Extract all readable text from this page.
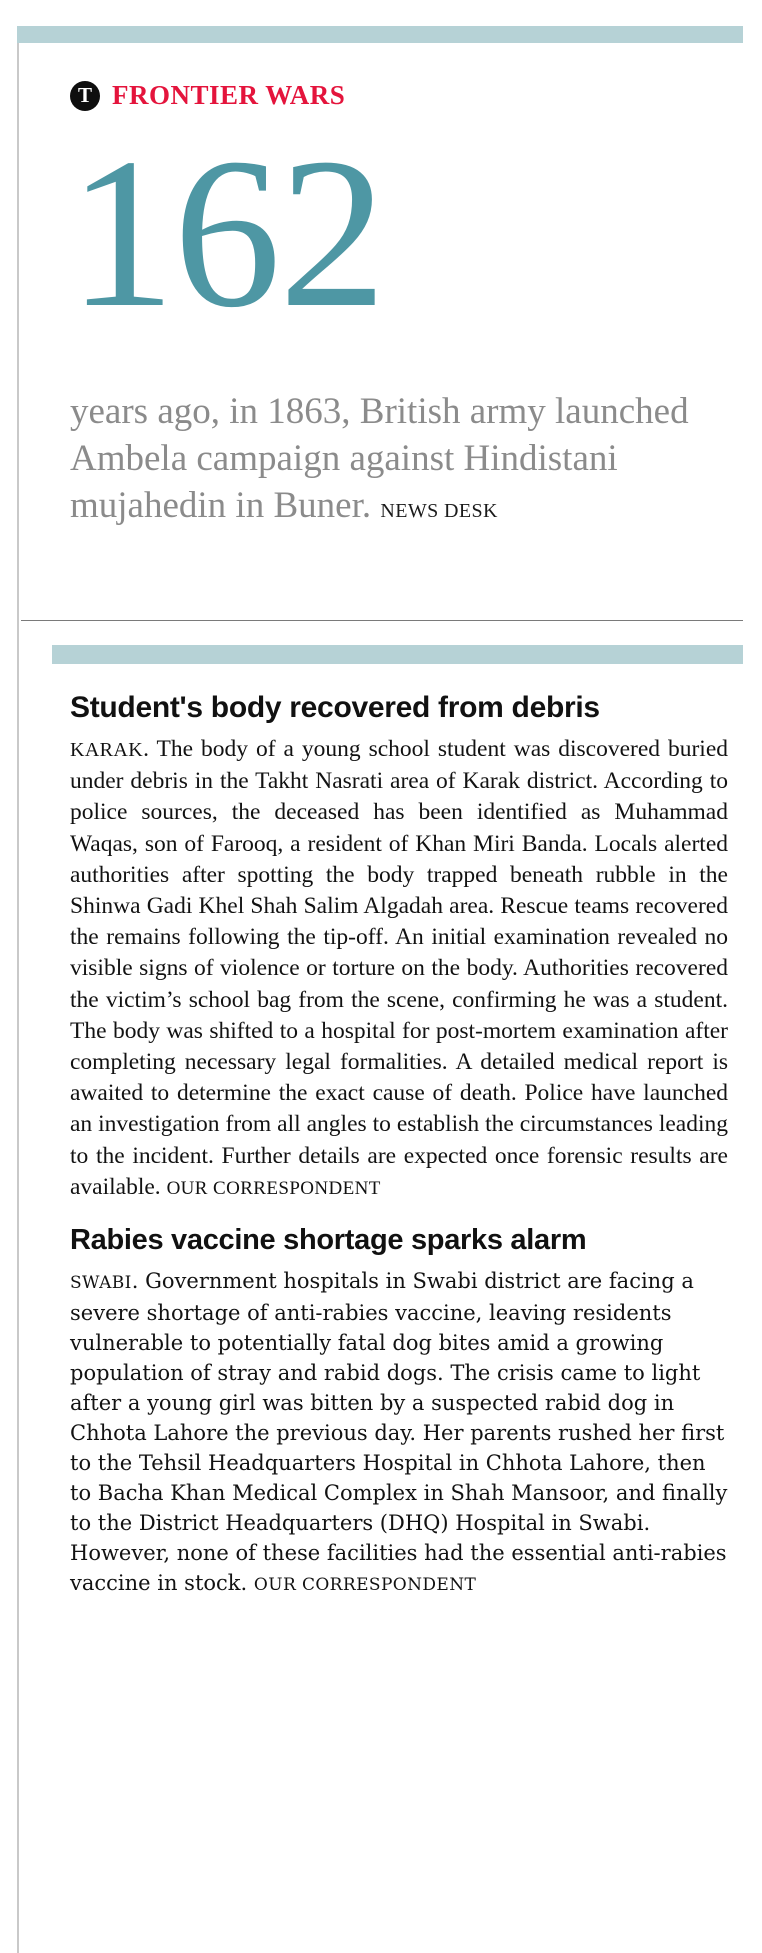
T FRONTIER WARS
162
years ago, in 1863, British army launched Ambela campaign against Hindistani mujahedin in Buner. NEWS DESK
Student's body recovered from debris

KARAK. The body of a young school student was discovered buried under debris in the Takht Nasrati area of Karak district. According to police sources, the deceased has been identified as Muhammad Waqas, son of Farooq, a resident of Khan Miri Banda. Locals alerted authorities after spotting the body trapped beneath rubble in the Shinwa Gadi Khel Shah Salim Algadah area. Rescue teams recovered the remains following the tip-off. An initial examination revealed no visible signs of violence or torture on the body. Authorities recovered the victim’s school bag from the scene, confirming he was a student. The body was shifted to a hospital for post-mortem examination after completing necessary legal formalities. A detailed medical report is awaited to determine the exact cause of death. Police have launched an investigation from all angles to establish the circumstances leading to the incident. Further details are expected once forensic results are available. OUR CORRESPONDENT

Rabies vaccine shortage sparks alarm

SWABI. Government hospitals in Swabi district are facing a severe shortage of anti-rabies vaccine, leaving residents vulnerable to potentially fatal dog bites amid a growing population of stray and rabid dogs. The crisis came to light after a young girl was bitten by a suspected rabid dog in Chhota Lahore the previous day. Her parents rushed her first to the Tehsil Headquarters Hospital in Chhota Lahore, then to Bacha Khan Medical Complex in Shah Mansoor, and finally to the District Headquarters (DHQ) Hospital in Swabi. However, none of these facilities had the essential anti-rabies vaccine in stock. OUR CORRESPONDENT
